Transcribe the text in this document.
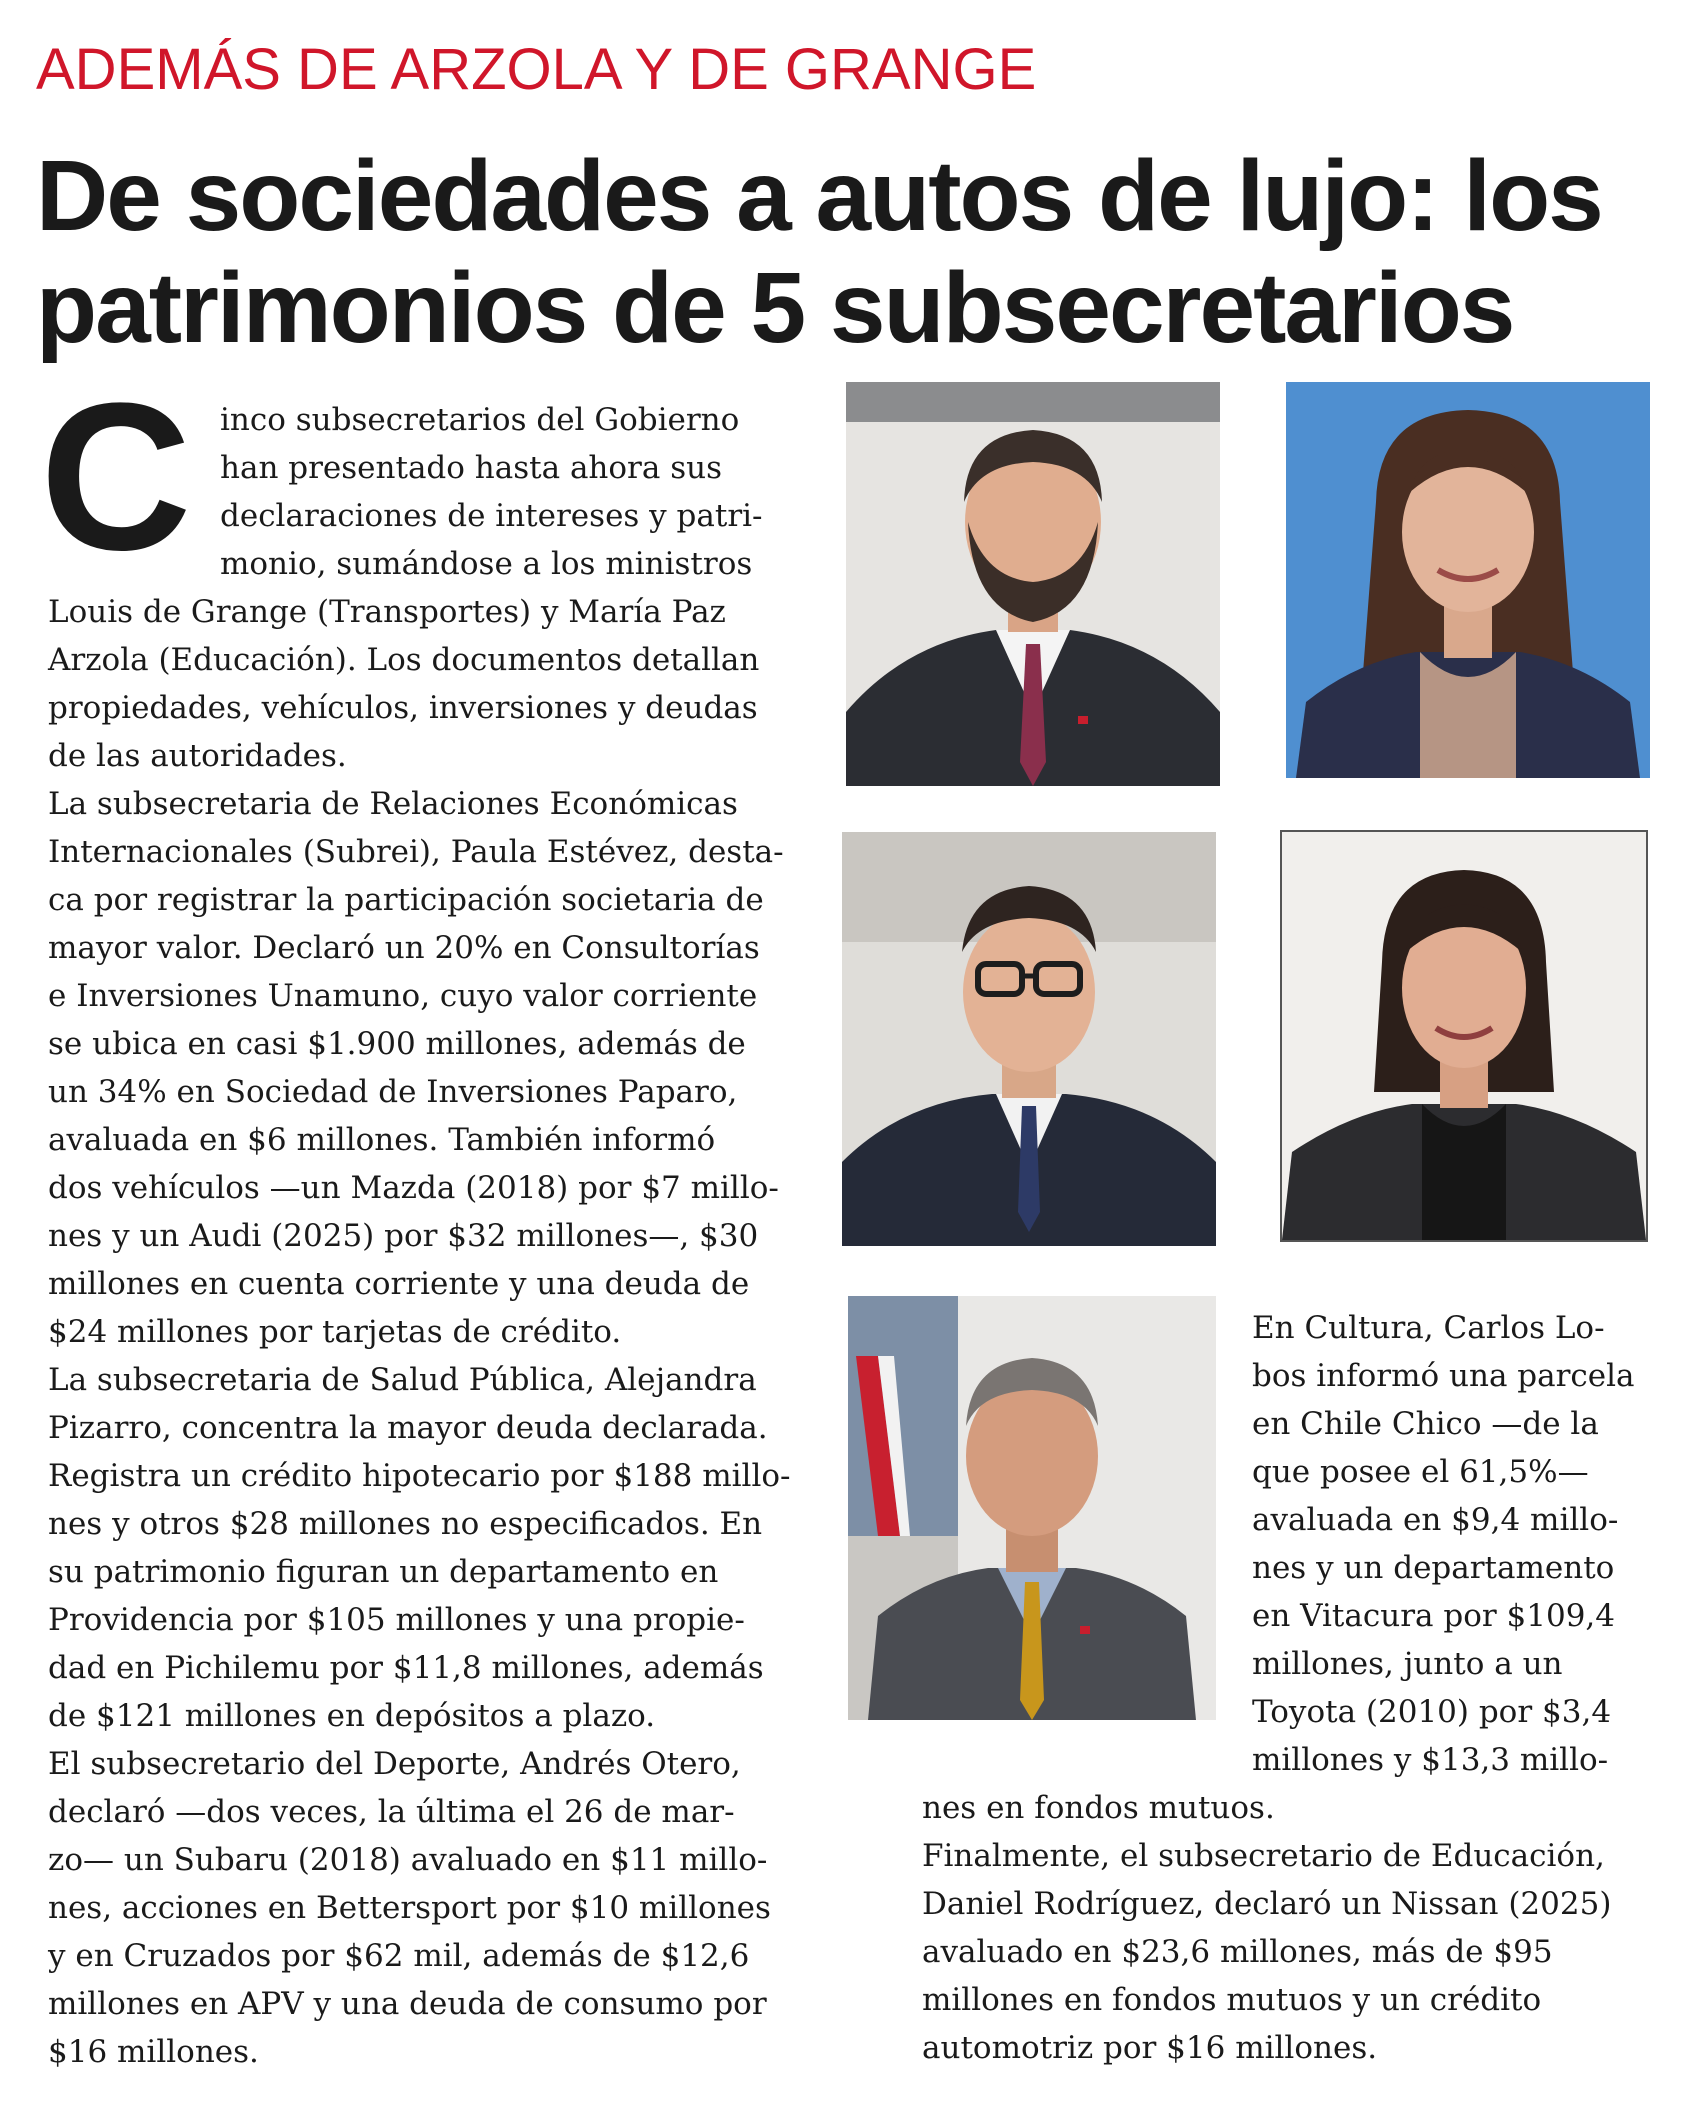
ADEMÁS DE ARZOLA Y DE GRANGE
De sociedades a autos de lujo: los
patrimonios de 5 subsecretarios
C inco subsecretarios del Gobierno
han presentado hasta ahora sus
declaraciones de intereses y patri-
monio, sumándose a los ministros
Louis de Grange (Transportes) y María Paz
Arzola (Educación). Los documentos detallan
propiedades, vehículos, inversiones y deudas
de las autoridades.
La subsecretaria de Relaciones Económicas
Internacionales (Subrei), Paula Estévez, desta-
ca por registrar la participación societaria de
mayor valor. Declaró un 20% en Consultorías
e Inversiones Unamuno, cuyo valor corriente
se ubica en casi $1.900 millones, además de
un 34% en Sociedad de Inversiones Paparo,
avaluada en $6 millones. También informó
dos vehículos —un Mazda (2018) por $7 millo-
nes y un Audi (2025) por $32 millones—, $30
millones en cuenta corriente y una deuda de
$24 millones por tarjetas de crédito.
La subsecretaria de Salud Pública, Alejandra
Pizarro, concentra la mayor deuda declarada.
Registra un crédito hipotecario por $188 millo-
nes y otros $28 millones no especificados. En
su patrimonio figuran un departamento en
Providencia por $105 millones y una propie-
dad en Pichilemu por $11,8 millones, además
de $121 millones en depósitos a plazo.
El subsecretario del Deporte, Andrés Otero,
declaró —dos veces, la última el 26 de mar-
zo— un Subaru (2018) avaluado en $11 millo-
nes, acciones en Bettersport por $10 millones
y en Cruzados por $62 mil, además de $12,6
millones en APV y una deuda de consumo por
$16 millones.
En Cultura, Carlos Lo-
bos informó una parcela
en Chile Chico —de la
que posee el 61,5%—
avaluada en $9,4 millo-
nes y un departamento
en Vitacura por $109,4
millones, junto a un
Toyota (2010) por $3,4
millones y $13,3 millo-
nes en fondos mutuos.
Finalmente, el subsecretario de Educación,
Daniel Rodríguez, declaró un Nissan (2025)
avaluado en $23,6 millones, más de $95
millones en fondos mutuos y un crédito
automotriz por $16 millones.
